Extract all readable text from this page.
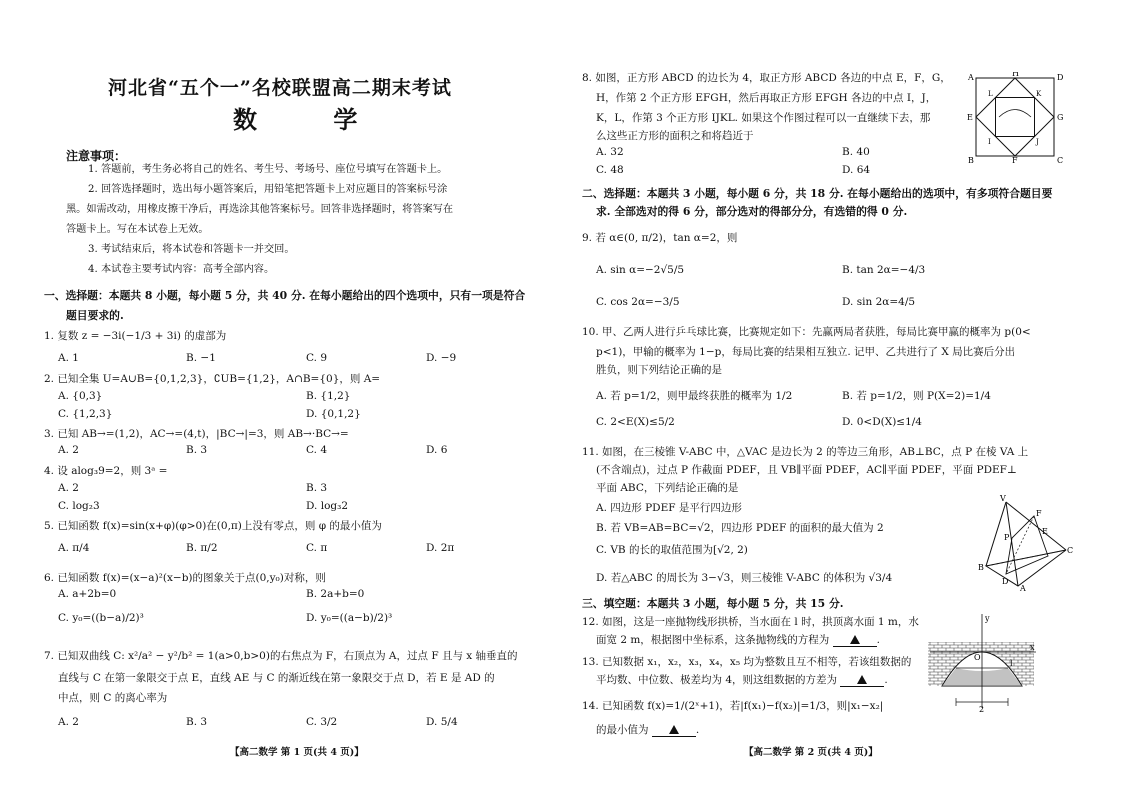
河北省“五个一”名校联盟高二期末考试
数 学
注意事项：
1. 答题前，考生务必将自己的姓名、考生号、考场号、座位号填写在答题卡上。
2. 回答选择题时，选出每小题答案后，用铅笔把答题卡上对应题目的答案标号涂
黑。如需改动，用橡皮擦干净后，再选涂其他答案标号。回答非选择题时，将答案写在
答题卡上。写在本试卷上无效。
3. 考试结束后，将本试卷和答题卡一并交回。
4. 本试卷主要考试内容：高考全部内容。
一、选择题：本题共 8 小题，每小题 5 分，共 40 分. 在每小题给出的四个选项中，只有一项是符合
题目要求的.
1. 复数 z = −3i(−1/3 + 3i) 的虚部为
A. 1	B. −1	C. 9	D. −9
2. 已知全集 U=A∪B={0,1,2,3}，∁UB={1,2}，A∩B={0}，则 A=
A. {0,3}	B. {1,2}
C. {1,2,3}	D. {0,1,2}
3. 已知 AB→=(1,2)，AC→=(4,t)，|BC→|=3，则 AB→·BC→=
A. 2	B. 3	C. 4	D. 6
4. 设 alog₃9=2，则 3ᵃ =
A. 2	B. 3
C. log₂3	D. log₃2
5. 已知函数 f(x)=sin(x+φ)(φ>0)在(0,π)上没有零点，则 φ 的最小值为
A. π/4	B. π/2	C. π	D. 2π
6. 已知函数 f(x)=(x−a)²(x−b)的图象关于点(0,y₀)对称，则
A. a+2b=0	B. 2a+b=0
C. y₀=((b−a)/2)³	D. y₀=((a−b)/2)³
7. 已知双曲线 C: x²/a² − y²/b² = 1(a>0,b>0)的右焦点为 F，右顶点为 A，过点 F 且与 x 轴垂直的
直线与 C 在第一象限交于点 E，直线 AE 与 C 的渐近线在第一象限交于点 D，若 E 是 AD 的
中点，则 C 的离心率为
A. 2	B. 3	C. 3/2	D. 5/4
【高二数学 第 1 页(共 4 页)】
8. 如图，正方形 ABCD 的边长为 4，取正方形 ABCD 各边的中点 E，F，G，
H，作第 2 个正方形 EFGH，然后再取正方形 EFGH 各边的中点 I，J，
K，L，作第 3 个正方形 IJKL. 如果这个作图过程可以一直继续下去，那
么这些正方形的面积之和将趋近于
A. 32	B. 40
C. 48	D. 64
A	H	D
E	G
B	F	C
I	J
K
L
二、选择题：本题共 3 小题，每小题 6 分，共 18 分. 在每小题给出的选项中，有多项符合题目要
求. 全部选对的得 6 分，部分选对的得部分分，有选错的得 0 分.
9. 若 α∈(0, π/2)，tan α=2，则
A. sin α=−2√5/5	B. tan 2α=−4/3
C. cos 2α=−3/5	D. sin 2α=4/5
10. 甲、乙两人进行乒乓球比赛，比赛规定如下：先赢两局者获胜，每局比赛甲赢的概率为 p(0<
p<1)，甲输的概率为 1−p，每局比赛的结果相互独立. 记甲、乙共进行了 X 局比赛后分出
胜负，则下列结论正确的是
A. 若 p=1/2，则甲最终获胜的概率为 1/2	B. 若 p=1/2，则 P(X=2)=1/4
C. 2<E(X)≤5/2	D. 0<D(X)≤1/4
11. 如图，在三棱锥 V-ABC 中，△VAC 是边长为 2 的等边三角形，AB⊥BC，点 P 在棱 VA 上
(不含端点)，过点 P 作截面 PDEF，且 VB∥平面 PDEF，AC∥平面 PDEF，平面 PDEF⊥
平面 ABC，下列结论正确的是
A. 四边形 PDEF 是平行四边形
B. 若 VB=AB=BC=√2，四边形 PDEF 的面积的最大值为 2
C. VB 的长的取值范围为[√2, 2)
D. 若△ABC 的周长为 3−√3，则三棱锥 V-ABC 的体积为 √3/4
V
F
P
E
C
B
D
A
三、填空题：本题共 3 小题，每小题 5 分，共 15 分.
12. 如图，这是一座抛物线形拱桥，当水面在 l 时，拱顶离水面 1 m，水
面宽 2 m，根据图中坐标系，这条抛物线的方程为	.
13. 已知数据 x₁，x₂，x₃，x₄，x₅ 均为整数且互不相等，若该组数据的
平均数、中位数、极差均为 4，则这组数据的方差为	.
14. 已知函数 f(x)=1/(2ˣ+1)，若|f(x₁)−f(x₂)|=1/3，则|x₁−x₂|
的最小值为	.
y
O
l
x
2
【高二数学 第 2 页(共 4 页)】
